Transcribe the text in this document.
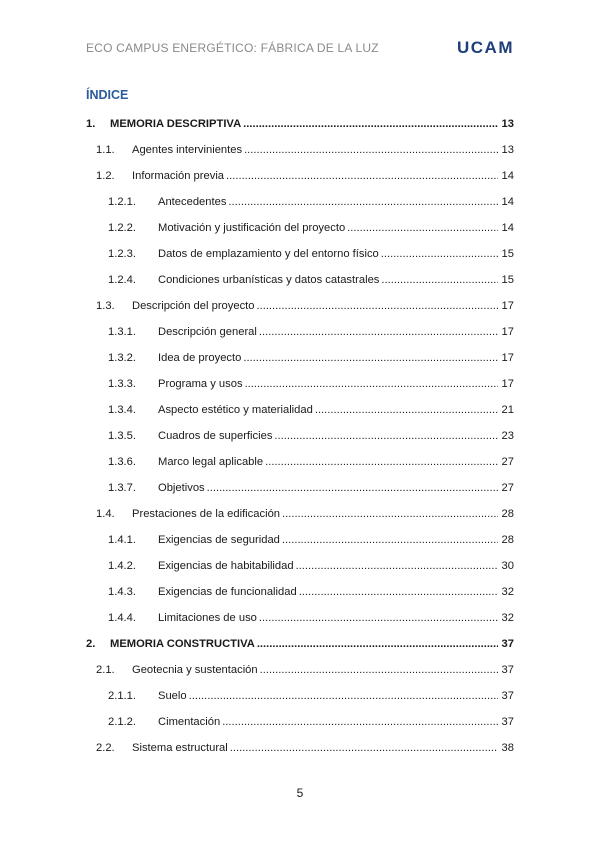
ECO CAMPUS ENERGÉTICO: FÁBRICA DE LA LUZ	UCAM
ÍNDICE
1.	MEMORIA DESCRIPTIVA .....	13
1.1.	Agentes intervinientes .....	13
1.2.	Información previa .....	14
1.2.1.	Antecedentes .....	14
1.2.2.	Motivación y justificación del proyecto .....	14
1.2.3.	Datos de emplazamiento y del entorno físico .....	15
1.2.4.	Condiciones urbanísticas y datos catastrales .....	15
1.3.	Descripción del proyecto .....	17
1.3.1.	Descripción general .....	17
1.3.2.	Idea de proyecto .....	17
1.3.3.	Programa y usos .....	17
1.3.4.	Aspecto estético y materialidad .....	21
1.3.5.	Cuadros de superficies .....	23
1.3.6.	Marco legal aplicable .....	27
1.3.7.	Objetivos .....	27
1.4.	Prestaciones de la edificación .....	28
1.4.1.	Exigencias de seguridad .....	28
1.4.2.	Exigencias de habitabilidad .....	30
1.4.3.	Exigencias de funcionalidad .....	32
1.4.4.	Limitaciones de uso .....	32
2.	MEMORIA CONSTRUCTIVA .....	37
2.1.	Geotecnia y sustentación .....	37
2.1.1.	Suelo .....	37
2.1.2.	Cimentación .....	37
2.2.	Sistema estructural .....	38
5
